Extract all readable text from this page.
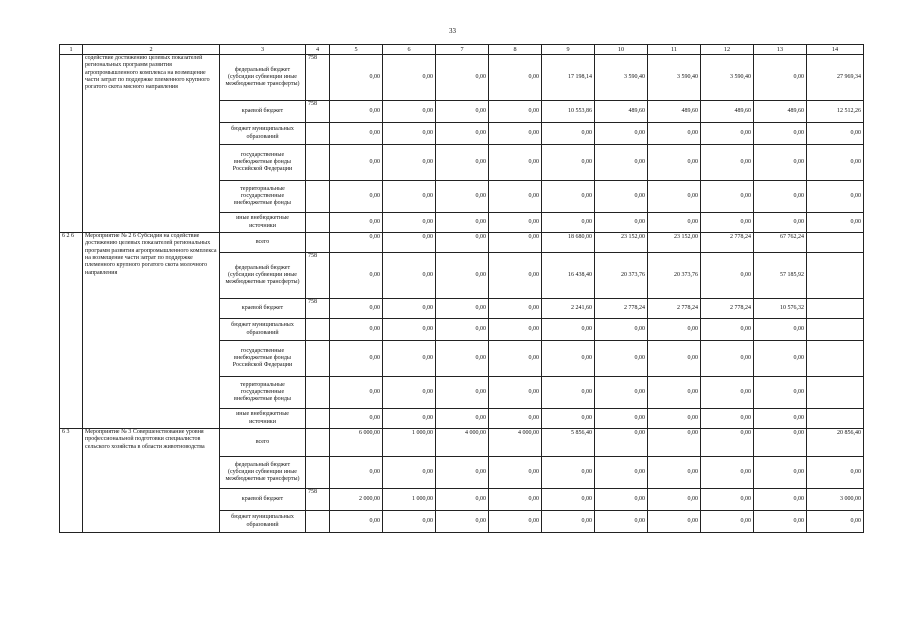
33
1	2	3	4	5	6	7	8	9	10	11	12	13	14
	содействие достижению целевых показателей региональных программ развития агропромышленного комплекса на возмещение части затрат по поддержке племенного крупного рогатого скота мясного направления	федеральный бюджет (субсидии субвенции иные межбюджетные трансферты)	758	0,00	0,00	0,00	0,00	17 198,14	3 590,40	3 590,40	3 590,40	0,00	27 969,34
		краевой бюджет	758	0,00	0,00	0,00	0,00	10 553,86	489,60	489,60	489,60	489,60	12 512,26
		бюджет муниципальных образований		0,00	0,00	0,00	0,00	0,00	0,00	0,00	0,00	0,00	0,00
		государственные внебюджетные фонды Российской Федерации		0,00	0,00	0,00	0,00	0,00	0,00	0,00	0,00	0,00	0,00
		территориальные государственные внебюджетные фонды		0,00	0,00	0,00	0,00	0,00	0,00	0,00	0,00	0,00	0,00
		иные внебюджетные источники		0,00	0,00	0,00	0,00	0,00	0,00	0,00	0,00	0,00	0,00
6 2 6	Мероприятие № 2 6 Субсидия на содействие достижению целевых показателей региональных программ развития агропромышленного комплекса на возмещение части затрат по поддержке племенного крупного рогатого скота молочного направления	всего		0,00	0,00	0,00	0,00	18 680,00	23 152,00	23 152,00	2 778,24	67 762,24	
		федеральный бюджет (субсидии субвенции иные межбюджетные трансферты)	758	0,00	0,00	0,00	0,00	16 438,40	20 373,76	20 373,76	0,00	57 185,92	
		краевой бюджет	758	0,00	0,00	0,00	0,00	2 241,60	2 778,24	2 778,24	2 778,24	10 576,32	
		бюджет муниципальных образований		0,00	0,00	0,00	0,00	0,00	0,00	0,00	0,00	0,00	
		государственные внебюджетные фонды Российской Федерации		0,00	0,00	0,00	0,00	0,00	0,00	0,00	0,00	0,00	
		территориальные государственные внебюджетные фонды		0,00	0,00	0,00	0,00	0,00	0,00	0,00	0,00	0,00	
		иные внебюджетные источники		0,00	0,00	0,00	0,00	0,00	0,00	0,00	0,00	0,00	
6 3	Мероприятие № 3 Совершенствование уровня профессиональной подготовки специалистов сельского хозяйства в области животноводства	всего		6 000,00	1 000,00	4 000,00	4 000,00	5 856,40	0,00	0,00	0,00	0,00	20 856,40
		федеральный бюджет (субсидии субвенции иные межбюджетные трансферты)		0,00	0,00	0,00	0,00	0,00	0,00	0,00	0,00	0,00	0,00
		краевой бюджет	758	2 000,00	1 000,00	0,00	0,00	0,00	0,00	0,00	0,00	0,00	3 000,00
		бюджет муниципальных образований		0,00	0,00	0,00	0,00	0,00	0,00	0,00	0,00	0,00	0,00
